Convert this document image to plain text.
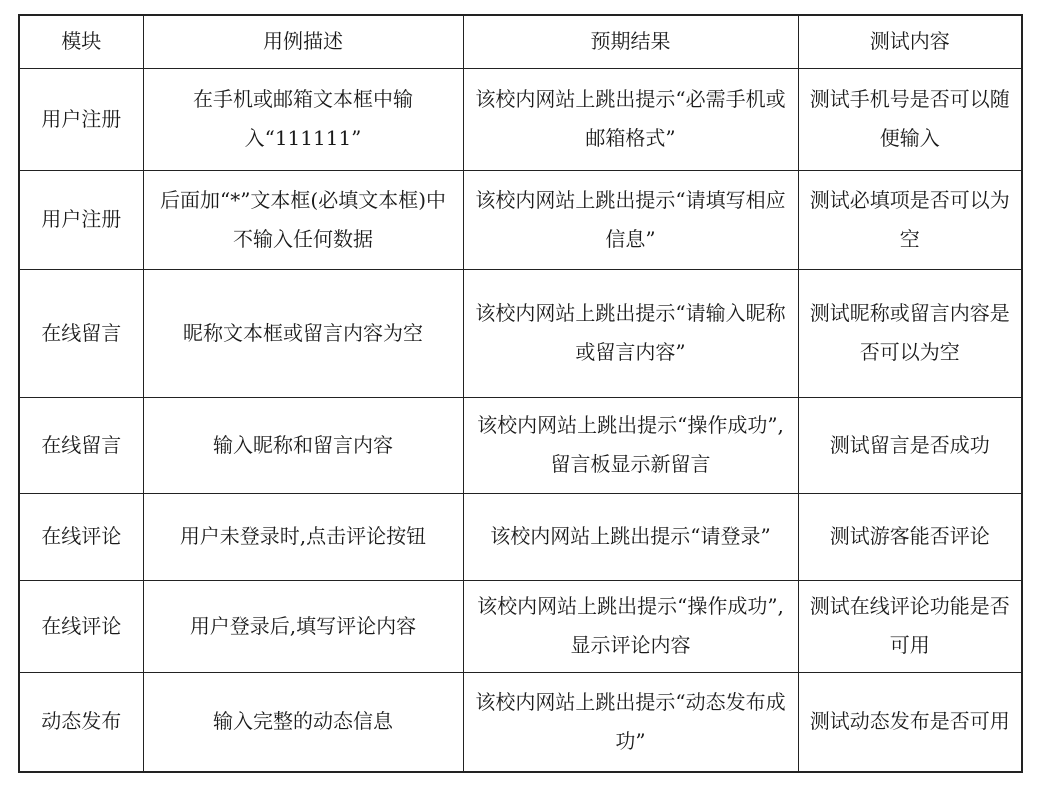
模块	用例描述	预期结果	测试内容
用户注册	在手机或邮箱文本框中输入“111111”	该校内网站上跳出提示“必需手机或邮箱格式”	测试手机号是否可以随便输入
用户注册	后面加“*”文本框(必填文本框)中不输入任何数据	该校内网站上跳出提示“请填写相应信息”	测试必填项是否可以为空
在线留言	昵称文本框或留言内容为空	该校内网站上跳出提示“请输入昵称或留言内容”	测试昵称或留言内容是否可以为空
在线留言	输入昵称和留言内容	该校内网站上跳出提示“操作成功”,留言板显示新留言	测试留言是否成功
在线评论	用户未登录时,点击评论按钮	该校内网站上跳出提示“请登录”	测试游客能否评论
在线评论	用户登录后,填写评论内容	该校内网站上跳出提示“操作成功”,显示评论内容	测试在线评论功能是否可用
动态发布	输入完整的动态信息	该校内网站上跳出提示“动态发布成功”	测试动态发布是否可用
